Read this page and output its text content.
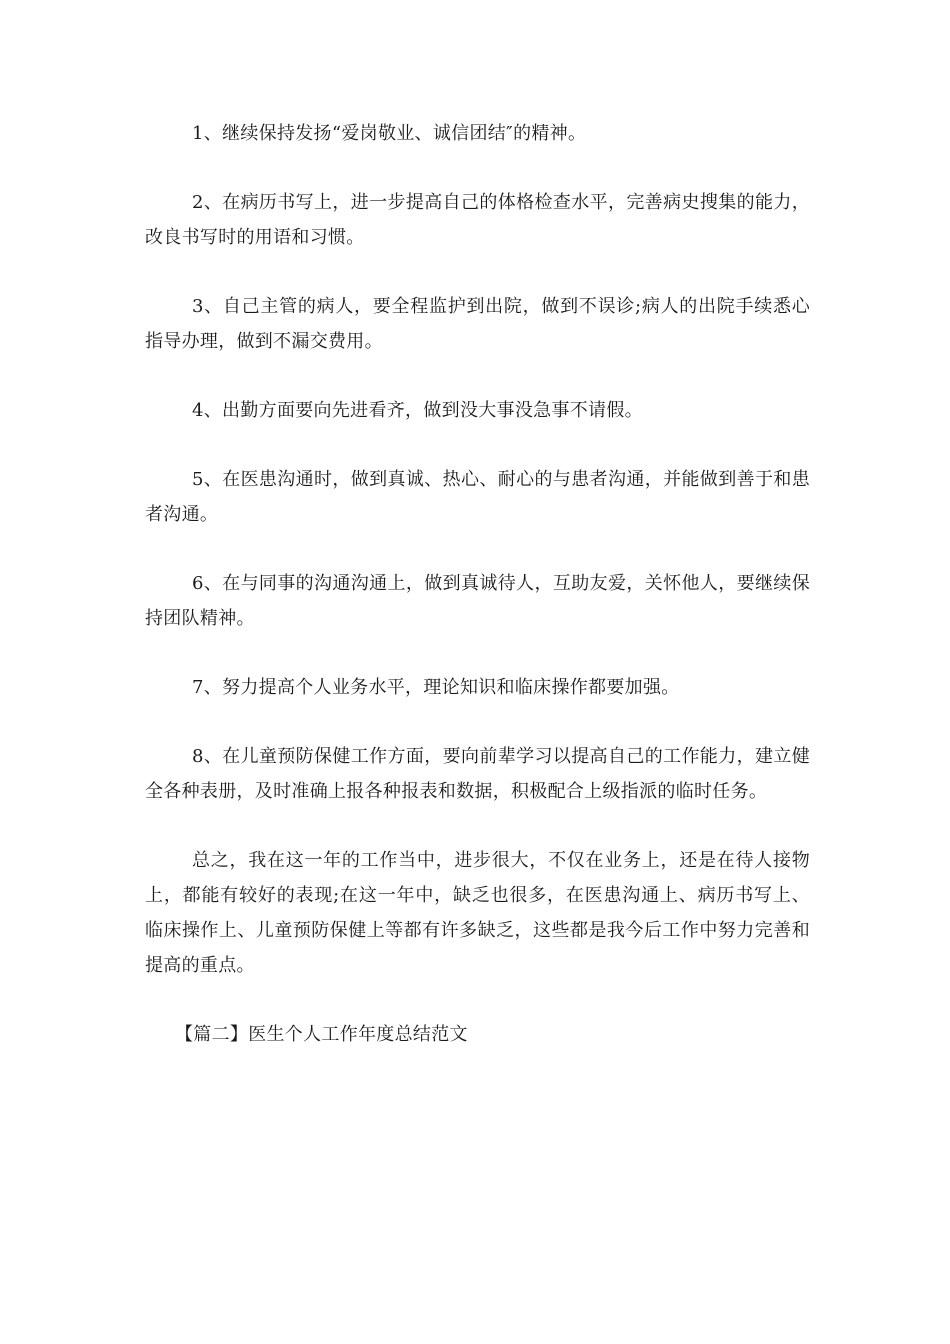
1、继续保持发扬“爱岗敬业、诚信团结″的精神。

2、在病历书写上，进一步提高自己的体格检查水平，完善病史搜集的能力，改良书写时的用语和习惯。

3、自己主管的病人，要全程监护到出院，做到不误诊;病人的出院手续悉心指导办理，做到不漏交费用。

4、出勤方面要向先进看齐，做到没大事没急事不请假。

5、在医患沟通时，做到真诚、热心、耐心的与患者沟通，并能做到善于和患者沟通。

6、在与同事的沟通沟通上，做到真诚待人，互助友爱，关怀他人，要继续保持团队精神。

7、努力提高个人业务水平，理论知识和临床操作都要加强。

8、在儿童预防保健工作方面，要向前辈学习以提高自己的工作能力，建立健全各种表册，及时准确上报各种报表和数据，积极配合上级指派的临时任务。

总之，我在这一年的工作当中，进步很大，不仅在业务上，还是在待人接物上，都能有较好的表现;在这一年中，缺乏也很多，在医患沟通上、病历书写上、临床操作上、儿童预防保健上等都有许多缺乏，这些都是我今后工作中努力完善和提高的重点。

【篇二】医生个人工作年度总结范文
